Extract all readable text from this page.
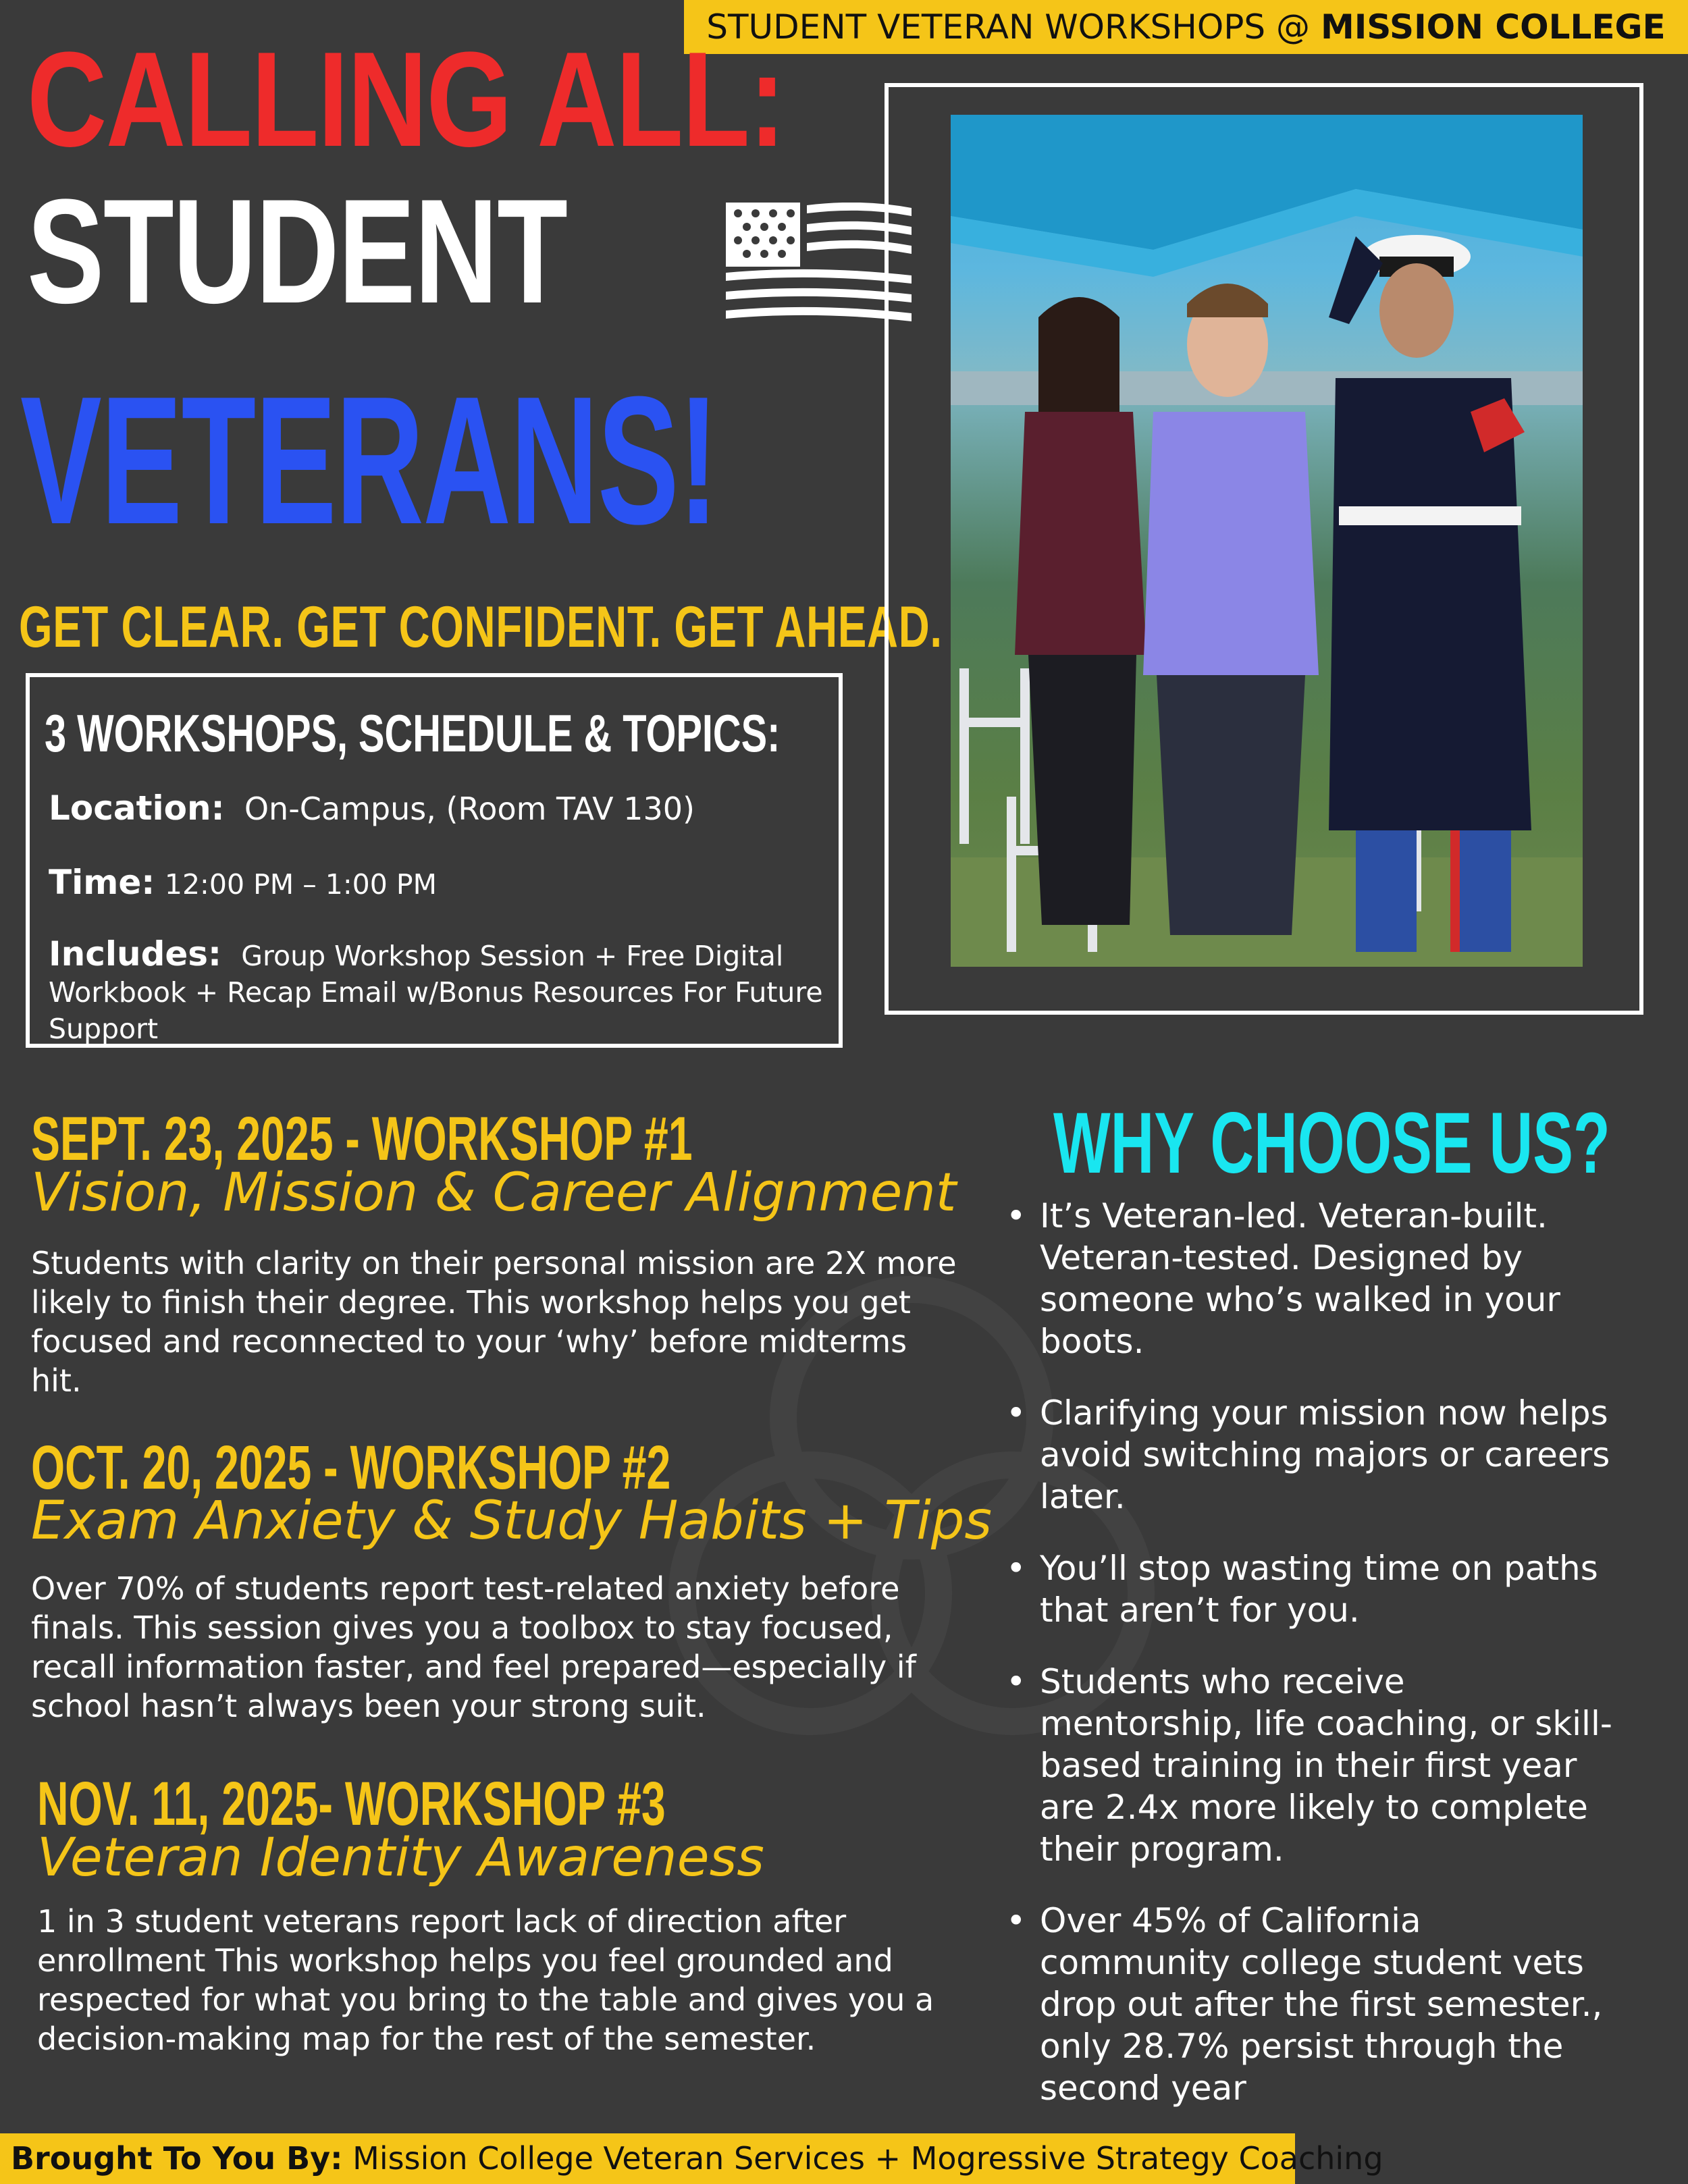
STUDENT VETERAN WORKSHOPS @ MISSION COLLEGE
CALLING ALL:
STUDENT
VETERANS!
GET CLEAR. GET CONFIDENT. GET AHEAD.
3 WORKSHOPS, SCHEDULE & TOPICS:
Location: On-Campus, (Room TAV 130)
Time: 12:00 PM – 1:00 PM
Includes: Group Workshop Session + Free Digital Workbook + Recap Email w/Bonus Resources For Future Support
SEPT. 23, 2025 - WORKSHOP #1
Vision, Mission & Career Alignment
Students with clarity on their personal mission are 2X more likely to finish their degree. This workshop helps you get focused and reconnected to your ‘why’ before midterms hit.
OCT. 20, 2025 - WORKSHOP #2
Exam Anxiety & Study Habits + Tips
Over 70% of students report test-related anxiety before finals. This session gives you a toolbox to stay focused, recall information faster, and feel prepared—especially if school hasn’t always been your strong suit.
NOV. 11, 2025- WORKSHOP #3
Veteran Identity Awareness
1 in 3 student veterans report lack of direction after enrollment This workshop helps you feel grounded and respected for what you bring to the table and gives you a decision-making map for the rest of the semester.
WHY CHOOSE US?
• It’s Veteran-led. Veteran-built. Veteran-tested. Designed by someone who’s walked in your boots.
• Clarifying your mission now helps avoid switching majors or careers later.
• You’ll stop wasting time on paths that aren’t for you.
• Students who receive mentorship, life coaching, or skill-based training in their first year are 2.4x more likely to complete their program.
• Over 45% of California community college student vets drop out after the first semester., only 28.7% persist through the second year
Brought To You By: Mission College Veteran Services + Mogressive Strategy Coaching
